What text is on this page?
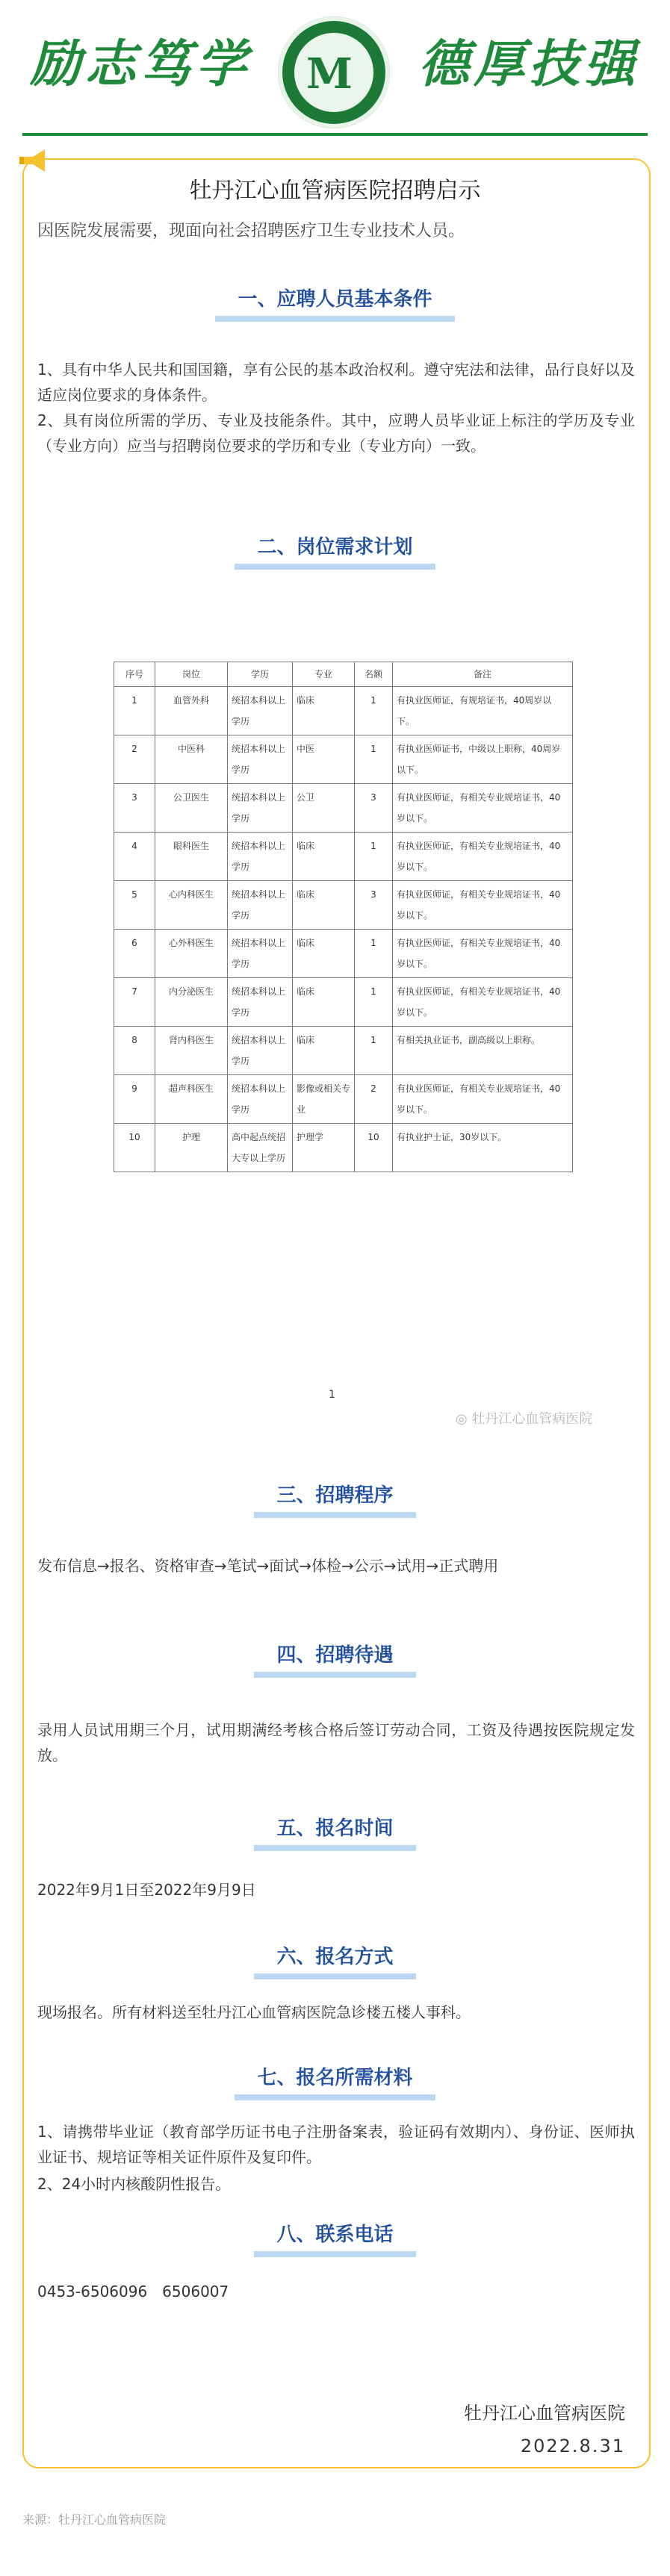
励志笃学 M 德厚技强
牡丹江心血管病医院招聘启示
因医院发展需要，现面向社会招聘医疗卫生专业技术人员。
一、应聘人员基本条件
1、具有中华人民共和国国籍，享有公民的基本政治权利。遵守宪法和法律，品行良好以及适应岗位要求的身体条件。
2、具有岗位所需的学历、专业及技能条件。其中，应聘人员毕业证上标注的学历及专业（专业方向）应当与招聘岗位要求的学历和专业（专业方向）一致。
二、岗位需求计划
序号	岗位	学历	专业	名额	备注
1	血管外科	统招本科以上学历	临床	1	有执业医师证，有规培证书，40周岁以下。
2	中医科	统招本科以上学历	中医	1	有执业医师证书，中级以上职称，40周岁以下。
3	公卫医生	统招本科以上学历	公卫	3	有执业医师证，有相关专业规培证书，40岁以下。
4	眼科医生	统招本科以上学历	临床	1	有执业医师证，有相关专业规培证书，40岁以下。
5	心内科医生	统招本科以上学历	临床	3	有执业医师证，有相关专业规培证书，40岁以下。
6	心外科医生	统招本科以上学历	临床	1	有执业医师证，有相关专业规培证书，40岁以下。
7	内分泌医生	统招本科以上学历	临床	1	有执业医师证，有相关专业规培证书，40岁以下。
8	肾内科医生	统招本科以上学历	临床	1	有相关执业证书，副高级以上职称。
9	超声科医生	统招本科以上学历	影像或相关专业	2	有执业医师证，有相关专业规培证书，40岁以下。
10	护理	高中起点统招大专以上学历	护理学	10	有执业护士证，30岁以下。
1
◎ 牡丹江心血管病医院
三、招聘程序
发布信息→报名、资格审查→笔试→面试→体检→公示→试用→正式聘用
四、招聘待遇
录用人员试用期三个月，试用期满经考核合格后签订劳动合同，工资及待遇按医院规定发放。
五、报名时间
2022年9月1日至2022年9月9日
六、报名方式
现场报名。所有材料送至牡丹江心血管病医院急诊楼五楼人事科。
七、报名所需材料
1、请携带毕业证（教育部学历证书电子注册备案表，验证码有效期内）、身份证、医师执业证书、规培证等相关证件原件及复印件。
2、24小时内核酸阴性报告。
八、联系电话
0453-6506096　6506007
牡丹江心血管病医院
2022.8.31
来源：牡丹江心血管病医院
